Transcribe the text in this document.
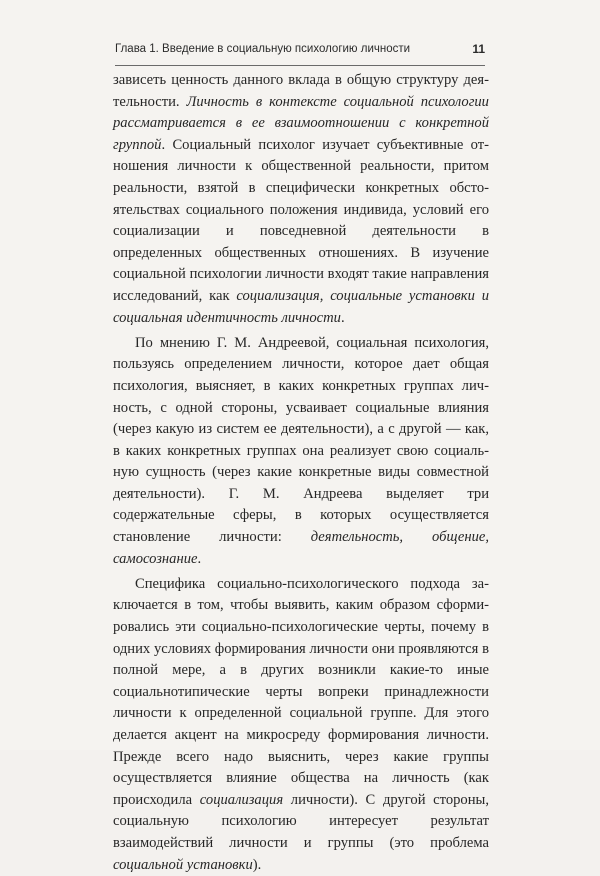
Глава 1. Введение в социальную психологию личности	11

зависеть ценность данного вклада в общую структуру деятельности. Личность в контексте социальной психологии рассматривается в ее взаимоотношении с конкретной группой. Социальный психолог изучает субъективные отношения личности к общественной реальности, притом реальности, взятой в специфически конкретных обстоятельствах социального положения индивида, условий его социализации и повседневной деятельности в определенных общественных отношениях. В изучение социальной психологии личности входят такие направления исследований, как социализация, социальные установки и социальная идентичность личности.

По мнению Г. М. Андреевой, социальная психология, пользуясь определением личности, которое дает общая психология, выясняет, в каких конкретных группах личность, с одной стороны, усваивает социальные влияния (через какую из систем ее деятельности), а с другой — как, в каких конкретных группах она реализует свою социальную сущность (через какие конкретные виды совместной деятельности). Г. М. Андреева выделяет три содержательные сферы, в которых осуществляется становление личности: деятельность, общение, самосознание.

Специфика социально-психологического подхода заключается в том, чтобы выявить, каким образом сформировались эти социально-психологические черты, почему в одних условиях формирования личности они проявляются в полной мере, а в других возникли какие-то иные социальнотипические черты вопреки принадлежности личности к определенной социальной группе. Для этого делается акцент на микросреду формирования личности. Прежде всего надо выяснить, через какие группы осуществляется влияние общества на личность (как происходила социализация личности). С другой стороны, социальную психологию интересует результат взаимодействий личности и группы (это проблема социальной установки).
